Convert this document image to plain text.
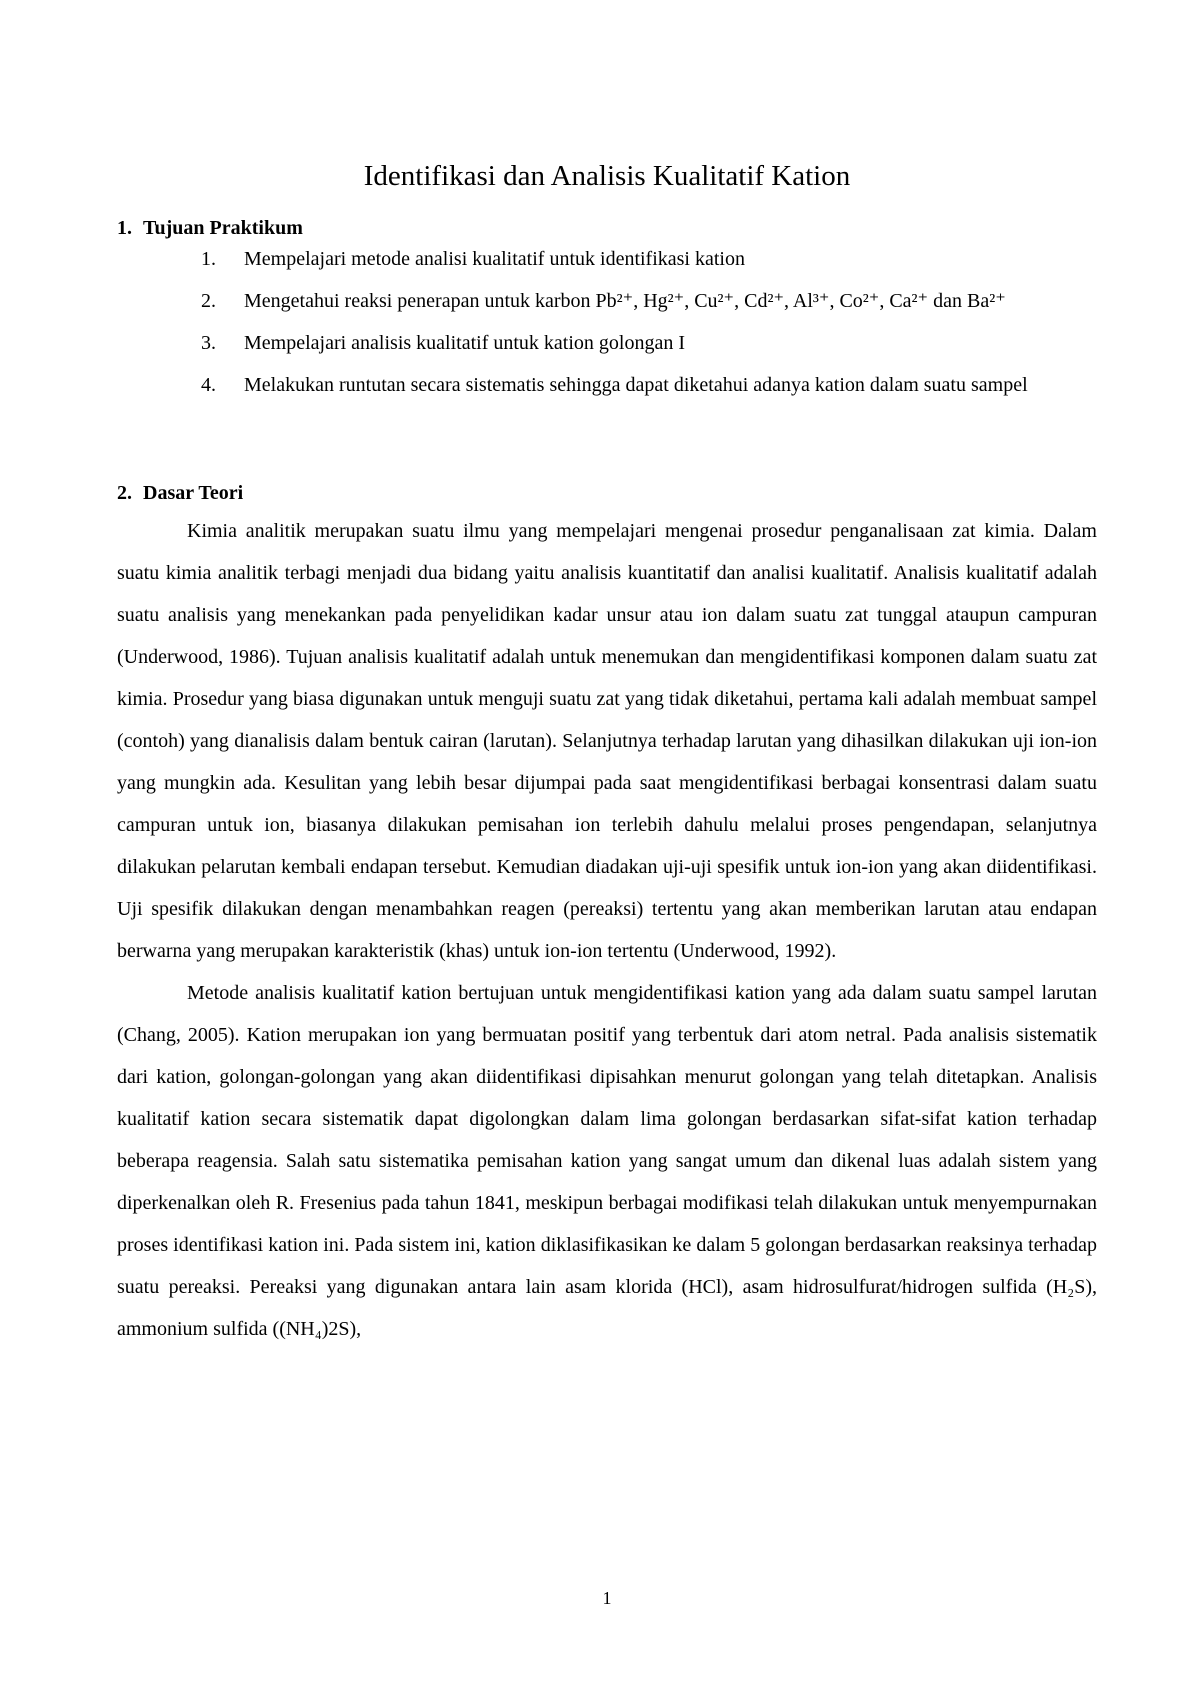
Identifikasi dan Analisis Kualitatif Kation
1. Tujuan Praktikum
1. Mempelajari metode analisi kualitatif untuk identifikasi kation
2. Mengetahui reaksi penerapan untuk karbon Pb²⁺, Hg²⁺, Cu²⁺, Cd²⁺, Al³⁺, Co²⁺, Ca²⁺ dan Ba²⁺
3. Mempelajari analisis kualitatif untuk kation golongan I
4. Melakukan runtutan secara sistematis sehingga dapat diketahui adanya kation dalam suatu sampel
2. Dasar Teori

Kimia analitik merupakan suatu ilmu yang mempelajari mengenai prosedur penganalisaan zat kimia. Dalam suatu kimia analitik terbagi menjadi dua bidang yaitu analisis kuantitatif dan analisi kualitatif. Analisis kualitatif adalah suatu analisis yang menekankan pada penyelidikan kadar unsur atau ion dalam suatu zat tunggal ataupun campuran (Underwood, 1986). Tujuan analisis kualitatif adalah untuk menemukan dan mengidentifikasi komponen dalam suatu zat kimia. Prosedur yang biasa digunakan untuk menguji suatu zat yang tidak diketahui, pertama kali adalah membuat sampel (contoh) yang dianalisis dalam bentuk cairan (larutan). Selanjutnya terhadap larutan yang dihasilkan dilakukan uji ion-ion yang mungkin ada. Kesulitan yang lebih besar dijumpai pada saat mengidentifikasi berbagai konsentrasi dalam suatu campuran untuk ion, biasanya dilakukan pemisahan ion terlebih dahulu melalui proses pengendapan, selanjutnya dilakukan pelarutan kembali endapan tersebut. Kemudian diadakan uji-uji spesifik untuk ion-ion yang akan diidentifikasi. Uji spesifik dilakukan dengan menambahkan reagen (pereaksi) tertentu yang akan memberikan larutan atau endapan berwarna yang merupakan karakteristik (khas) untuk ion-ion tertentu (Underwood, 1992).

Metode analisis kualitatif kation bertujuan untuk mengidentifikasi kation yang ada dalam suatu sampel larutan (Chang, 2005). Kation merupakan ion yang bermuatan positif yang terbentuk dari atom netral. Pada analisis sistematik dari kation, golongan-golongan yang akan diidentifikasi dipisahkan menurut golongan yang telah ditetapkan. Analisis kualitatif kation secara sistematik dapat digolongkan dalam lima golongan berdasarkan sifat-sifat kation terhadap beberapa reagensia. Salah satu sistematika pemisahan kation yang sangat umum dan dikenal luas adalah sistem yang diperkenalkan oleh R. Fresenius pada tahun 1841, meskipun berbagai modifikasi telah dilakukan untuk menyempurnakan proses identifikasi kation ini. Pada sistem ini, kation diklasifikasikan ke dalam 5 golongan berdasarkan reaksinya terhadap suatu pereaksi. Pereaksi yang digunakan antara lain asam klorida (HCl), asam hidrosulfurat/hidrogen sulfida (H₂S), ammonium sulfida ((NH₄)2S),

1
